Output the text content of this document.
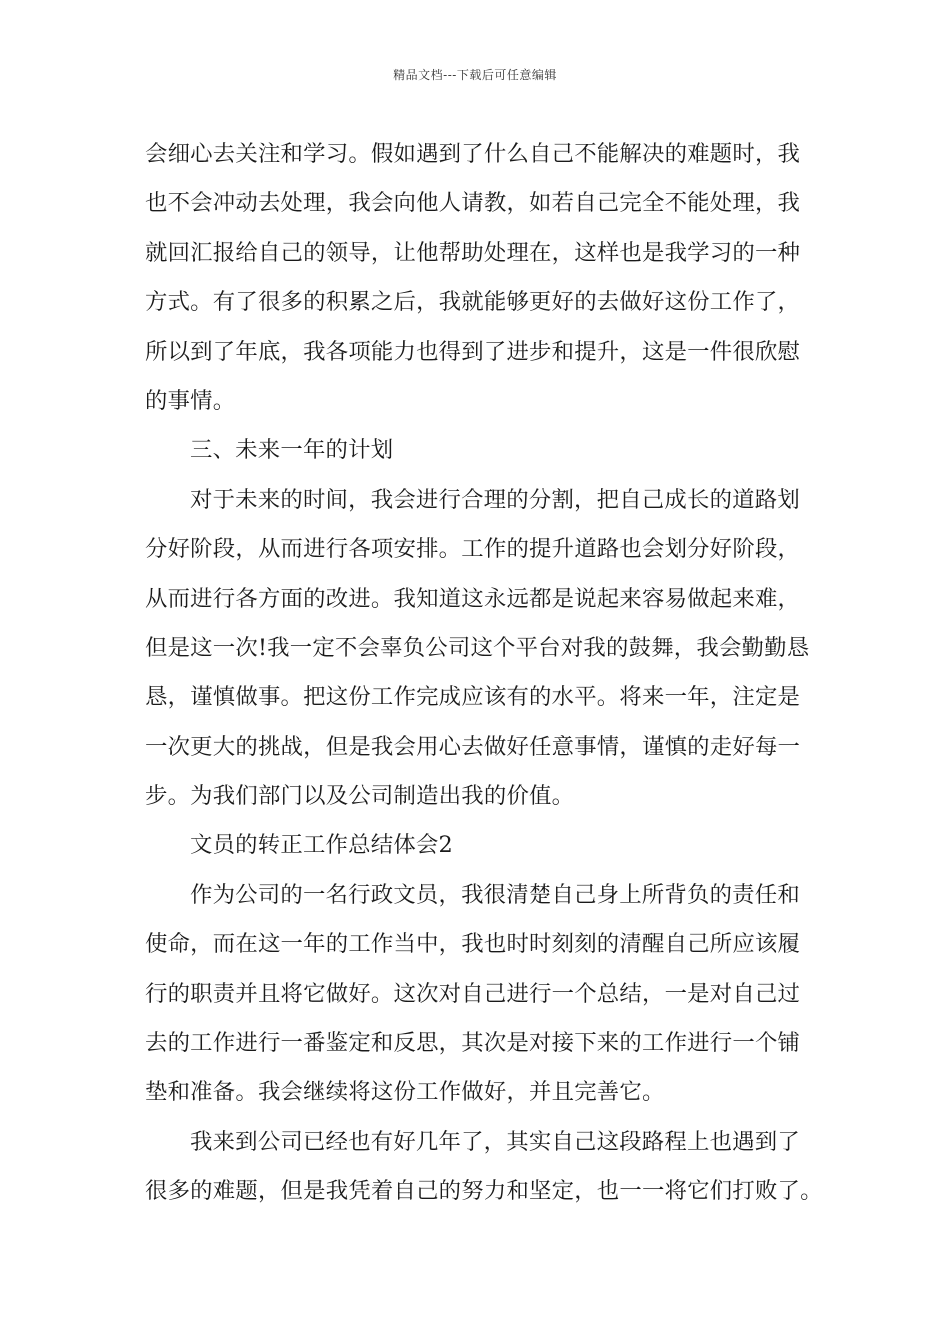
精品文档---下载后可任意编辑
会细心去关注和学习。假如遇到了什么自己不能解决的难题时，我
也不会冲动去处理，我会向他人请教，如若自己完全不能处理，我
就回汇报给自己的领导，让他帮助处理在，这样也是我学习的一种
方式。有了很多的积累之后，我就能够更好的去做好这份工作了，
所以到了年底，我各项能力也得到了进步和提升，这是一件很欣慰
的事情。
三、未来一年的计划
对于未来的时间，我会进行合理的分割，把自己成长的道路划
分好阶段，从而进行各项安排。工作的提升道路也会划分好阶段，
从而进行各方面的改进。我知道这永远都是说起来容易做起来难，
但是这一次!我一定不会辜负公司这个平台对我的鼓舞，我会勤勤恳
恳，谨慎做事。把这份工作完成应该有的水平。将来一年，注定是
一次更大的挑战，但是我会用心去做好任意事情，谨慎的走好每一
步。为我们部门以及公司制造出我的价值。
文员的转正工作总结体会2
作为公司的一名行政文员，我很清楚自己身上所背负的责任和
使命，而在这一年的工作当中，我也时时刻刻的清醒自己所应该履
行的职责并且将它做好。这次对自己进行一个总结，一是对自己过
去的工作进行一番鉴定和反思，其次是对接下来的工作进行一个铺
垫和准备。我会继续将这份工作做好，并且完善它。
我来到公司已经也有好几年了，其实自己这段路程上也遇到了
很多的难题，但是我凭着自己的努力和坚定，也一一将它们打败了。
